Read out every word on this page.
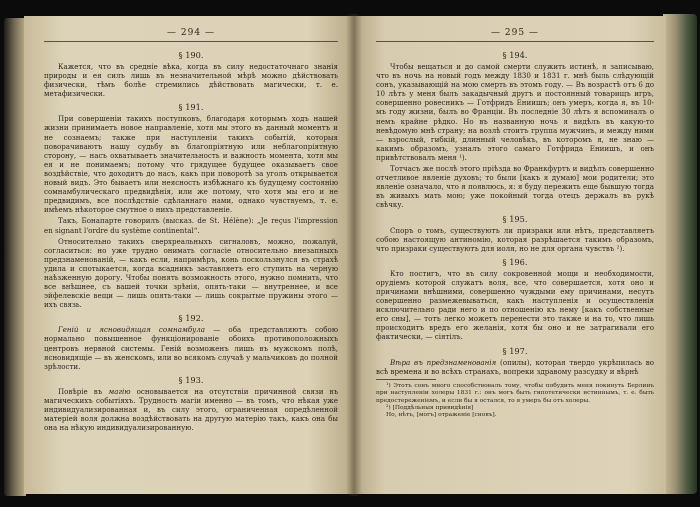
— 294 —
§ 190.
Кажется, что въ средніе вѣка, когда въ силу недостаточнаго знанія природы и ея силъ лишь въ незначительной мѣрѣ можно дѣйствовать физически, тѣмъ болѣе стремились дѣйствовать магически, т. е. метафизически.
§ 191.
При совершеніи такихъ поступковъ, благодаря которымъ ходъ нашей жизни принимаетъ новое направленіе, хотя мы этого въ данный моментъ и не сознаемъ; также при наступленіи такихъ событій, которыя поворачиваютъ нашу судьбу въ благопріятную или неблагопріятную сторону, — насъ охватываетъ значительность и важность момента, хотя мы ея и не понимаемъ; потому что грядущее будущее оказываетъ свое воздѣйствіе, что доходитъ до насъ, какъ при поворотѣ за уголъ открывается новый видъ. Это бываетъ или неясность избѣжнаго къ будущему состоянію сомнамбулическаго предвидѣнія, или же потому, что хотя мы его и не предвидимъ, все послѣдствіе сдѣланнаго нами, однако чувствуемъ, т. е. имѣемъ нѣкоторое смутное о нихъ представленіе.
Такъ, Бонапарте говорилъ (высказ. de St. Hélène): „Je reçus l'impression en signant l'ordre du système continental“.
Относительно такихъ сверхреальныхъ сигналовъ, можно, пожалуй, согласиться: но уже трудно онимать согласіе относительно внезапныхъ предзнаменованій, — какъ если, напримѣръ, конь поскользнулся въ страхѣ удила и спотыкается, когда всадникъ заставляетъ его ступить на черную наѣзженную дорогу. Чтобы понять возможность этого, нужно помнить, что все внѣшнее, съ вашей точки зрѣнія, опять-таки — внутреннее, и все эйфелевскіе вещи — лишь опять-таки — лишь сокрытые пружины этого — ихъ связь.
§ 192.
Геній и ясновидящая сомнамбула — оба представляютъ собою нормально повышенное функціонированіе обоихъ противоположныхъ центровъ нервной системы. Геній возможенъ лишь въ мужскомъ полѣ, ясновидящіе — въ женскомъ, или во всякомъ случаѣ у мальчиковъ до полной зрѣлости.
§ 193.
Повѣріе въ магію основывается на отсутствіи причинной связи въ магическихъ событіяхъ. Трудность магіи именно — въ томъ, что нѣкая уже индивидуализированная и, въ силу этого, ограниченная опредѣленной матеріей воля должна воздѣйствовать на другую матерію такъ, какъ она бы она на нѣкую индивидуализированную.
— 295 —
§ 194.
Чтобы вещаться и до самой смерти служить истинѣ, я записываю, что въ ночь на новый годъ между 1830 и 1831 г. мнѣ быль слѣдующій сонъ, указывающій на мою смерть въ этомъ году. — Въ возрастѣ отъ 6 до 10 лѣтъ у меня былъ закадычный другъ и постоянный товарищъ игръ, совершенно ровесникъ — Готфридъ Ениишъ; онъ умеръ, когда я, въ 10-мъ году жизни, былъ во Франціи. Въ последніе 30 лѣтъ я вспоминалъ о немъ крайне рѣдко. Но въ названную ночь я видѣлъ въ какую-то невѣдомую мнѣ страну; на возлѣ стоитъ группа мужчинъ, и между ними — взрослый, гибкій, длинный человѣкъ, въ которомъ я, не знаю — какимъ образомъ, узналъ этого самаго Готфрида Ениишъ, и онъ привѣтствовалъ меня ¹).
Тотчасъ же послѣ этого пріѣзда во Франкфуртъ и видѣлъ совершенно отчетливое явленіе духовъ; то были [какъ я думаю] мои родители; это явленіе означало, что я появлюсь, я: я буду пережить еще бывшую тогда въ живыхъ мать мою; уже покойный тогда отецъ держалъ въ рукѣ свѣчку.
§ 195.
Споръ о томъ, существуютъ ли призраки или нѣтъ, представляетъ собою настоящую антиномію, которая разрѣшается такимъ образомъ, что призраки существуютъ для иоля, но не для органа чувствъ ²).
§ 196.
Кто постигъ, что въ силу сокровенной мощи и необходимости, орудіемъ которой служатъ воля, все, что совершается, хотя оно и причинами внѣшними, совершенно чуждыми ему причинами, несутъ совершенно размежевываться, какъ наступленія и осуществленія исключительно ради него и по отношенію къ нему [какъ собственные его сны], — тотъ легко можетъ перенести это также и на то, что лишь происходитъ вредъ его желанія, хотя бы оно и не затрагивали его фактически, — сіятілъ.
§ 197.
Вѣра въ предзнаменованія (опилы), которая твердо укрѣпилась во всѣ времена и во всѣхъ странахъ, вопреки здравому разсудку и вѣрнѣ
¹) Этотъ сонъ много способствовалъ тому, чтобы побудить меня покинуть Берлинъ при наступленіи холеры 1831 г.: онъ могъ быть гипотетически истиннымъ, т. е. быть предостереженіемъ, и если бы я остался, то я умеръ бы отъ холеры.
²) [Поддѣльныя привидѣнія]
Но, нѣтъ, [могъ] отраженіе [сновъ].
